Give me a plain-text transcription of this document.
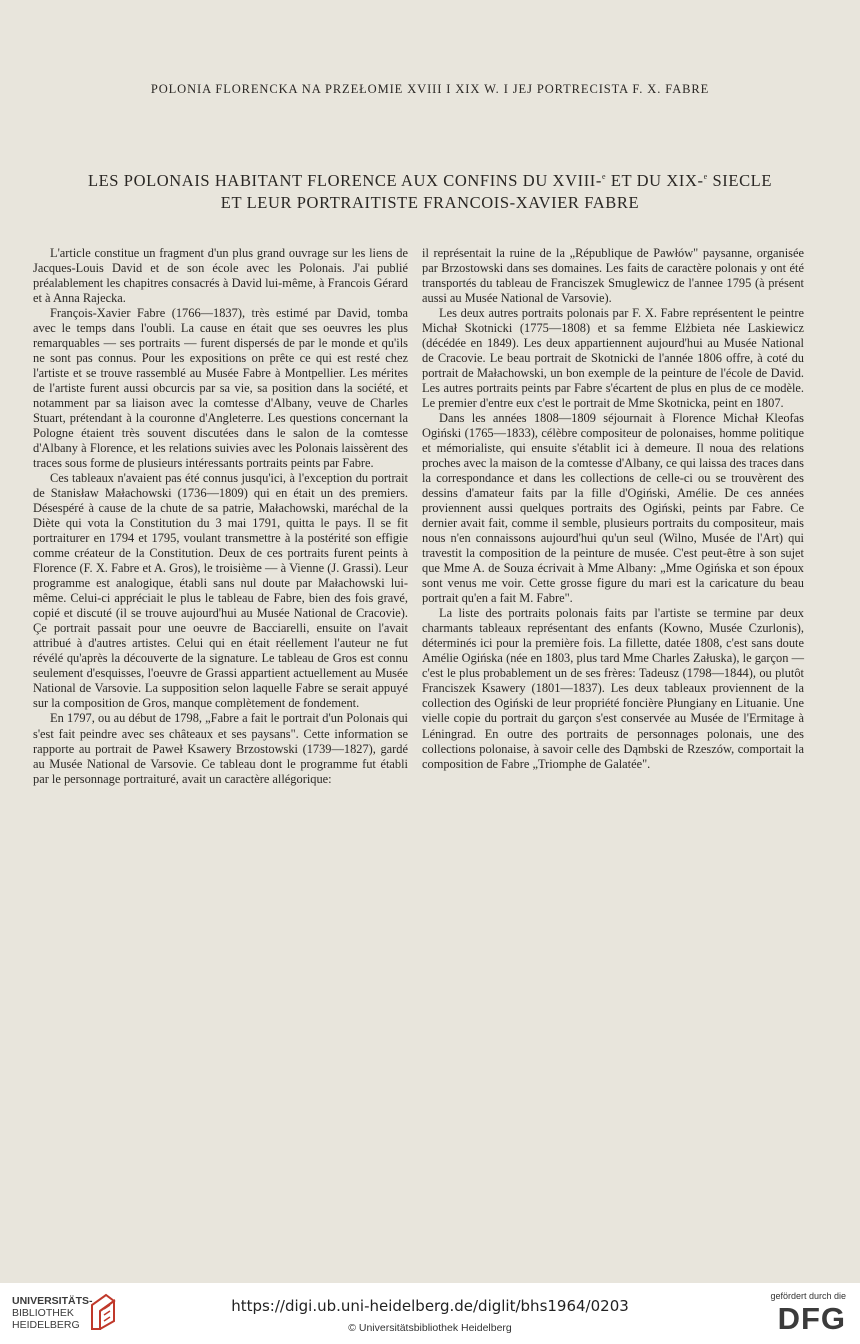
POLONIA FLORENCKA NA PRZEŁOMIE XVIII I XIX W. I JEJ PORTRECISTA F. X. FABRE
LES POLONAIS HABITANT FLORENCE AUX CONFINS DU XVIII-$^e$ ET DU XIX-$^e$ SIECLE
ET LEUR PORTRAITISTE FRANCOIS-XAVIER FABRE

L'article constitue un fragment d'un plus grand ouvrage sur les liens de Jacques-Louis David et de son école avec les Polonais. J'ai publié préalablement les chapitres consacrés à David lui-même, à Francois Gérard et à Anna Rajecka.

François-Xavier Fabre (1766—1837), très estimé par David, tomba avec le temps dans l'oubli. La cause en était que ses oeuvres les plus remarquables — ses portraits — furent dispersés de par le monde et qu'ils ne sont pas connus. Pour les expositions on prête ce qui est resté chez l'artiste et se trouve rassemblé au Musée Fabre à Montpellier. Les mérites de l'artiste furent aussi obcurcis par sa vie, sa position dans la société, et notamment par sa liaison avec la comtesse d'Albany, veuve de Charles Stuart, prétendant à la couronne d'Angleterre. Les questions concernant la Pologne étaient très souvent discutées dans le salon de la comtesse d'Albany à Florence, et les relations suivies avec les Polonais laissèrent des traces sous forme de plusieurs intéressants portraits peints par Fabre.

Ces tableaux n'avaient pas été connus jusqu'ici, à l'exception du portrait de Stanisław Małachowski (1736—1809) qui en était un des premiers. Désespéré à cause de la chute de sa patrie, Małachowski, maréchal de la Diète qui vota la Constitution du 3 mai 1791, quitta le pays. Il se fit portraiturer en 1794 et 1795, voulant transmettre à la postérité son effigie comme créateur de la Constitution. Deux de ces portraits furent peints à Florence (F. X. Fabre et A. Gros), le troisième — à Vienne (J. Grassi). Leur programme est analogique, établi sans nul doute par Małachowski lui-même. Celui-ci appréciait le plus le tableau de Fabre, bien des fois gravé, copié et discuté (il se trouve aujourd'hui au Musée National de Cracovie). Çe portrait passait pour une oeuvre de Bacciarelli, ensuite on l'avait attribué à d'autres artistes. Celui qui en était réellement l'auteur ne fut révélé qu'après la découverte de la signature. Le tableau de Gros est connu seulement d'esquisses, l'oeuvre de Grassi appartient actuellement au Musée National de Varsovie. La supposition selon laquelle Fabre se serait appuyé sur la composition de Gros, manque complètement de fondement.

En 1797, ou au début de 1798, „Fabre a fait le portrait d'un Polonais qui s'est fait peindre avec ses châteaux et ses paysans". Cette information se rapporte au portrait de Paweł Ksawery Brzostowski (1739—1827), gardé au Musée National de Varsovie. Ce tableau dont le programme fut établi par le personnage portraituré, avait un caractère allégorique:

il représentait la ruine de la „République de Pawłów" paysanne, organisée par Brzostowski dans ses domaines. Les faits de caractère polonais y ont été transportés du tableau de Franciszek Smuglewicz de l'annee 1795 (à présent aussi au Musée National de Varsovie).

Les deux autres portraits polonais par F. X. Fabre représentent le peintre Michał Skotnicki (1775—1808) et sa femme Elżbieta née Laskiewicz (décédée en 1849). Les deux appartiennent aujourd'hui au Musée National de Cracovie. Le beau portrait de Skotnicki de l'année 1806 offre, à coté du portrait de Małachowski, un bon exemple de la peinture de l'école de David. Les autres portraits peints par Fabre s'écartent de plus en plus de ce modèle. Le premier d'entre eux c'est le portrait de Mme Skotnicka, peint en 1807.

Dans les années 1808—1809 séjournait à Florence Michał Kleofas Ogiński (1765—1833), célèbre compositeur de polonaises, homme politique et mémorialiste, qui ensuite s'établit ici à demeure. Il noua des relations proches avec la maison de la comtesse d'Albany, ce qui laissa des traces dans la correspondance et dans les collections de celle-ci ou se trouvèrent des dessins d'amateur faits par la fille d'Ogiński, Amélie. De ces années proviennent aussi quelques portraits des Ogiński, peints par Fabre. Ce dernier avait fait, comme il semble, plusieurs portraits du compositeur, mais nous n'en connaissons aujourd'hui qu'un seul (Wilno, Musée de l'Art) qui travestit la composition de la peinture de musée. C'est peut-être à son sujet que Mme A. de Souza écrivait à Mme Albany: „Mme Ogińska et son époux sont venus me voir. Cette grosse figure du mari est la caricature du beau portrait qu'en a fait M. Fabre".

La liste des portraits polonais faits par l'artiste se termine par deux charmants tableaux représentant des enfants (Kowno, Musée Czurlonis), déterminés ici pour la première fois. La fillette, datée 1808, c'est sans doute Amélie Ogińska (née en 1803, plus tard Mme Charles Załuska), le garçon — c'est le plus probablement un de ses frères: Tadeusz (1798—1844), ou plutôt Franciszek Ksawery (1801—1837). Les deux tableaux proviennent de la collection des Ogiński de leur propriété foncière Płungiany en Lituanie. Une vielle copie du portrait du garçon s'est conservée au Musée de l'Ermitage à Léningrad. En outre des portraits de personnages polonais, une des collections polonaise, à savoir celle des Dąmbski de Rzeszów, comportait la composition de Fabre „Triomphe de Galatée".

UNIVERSITÄTS-
BIBLIOTHEK
HEIDELBERG
https://digi.ub.uni-heidelberg.de/diglit/bhs1964/0203
© Universitätsbibliothek Heidelberg
gefördert durch die
DFG
